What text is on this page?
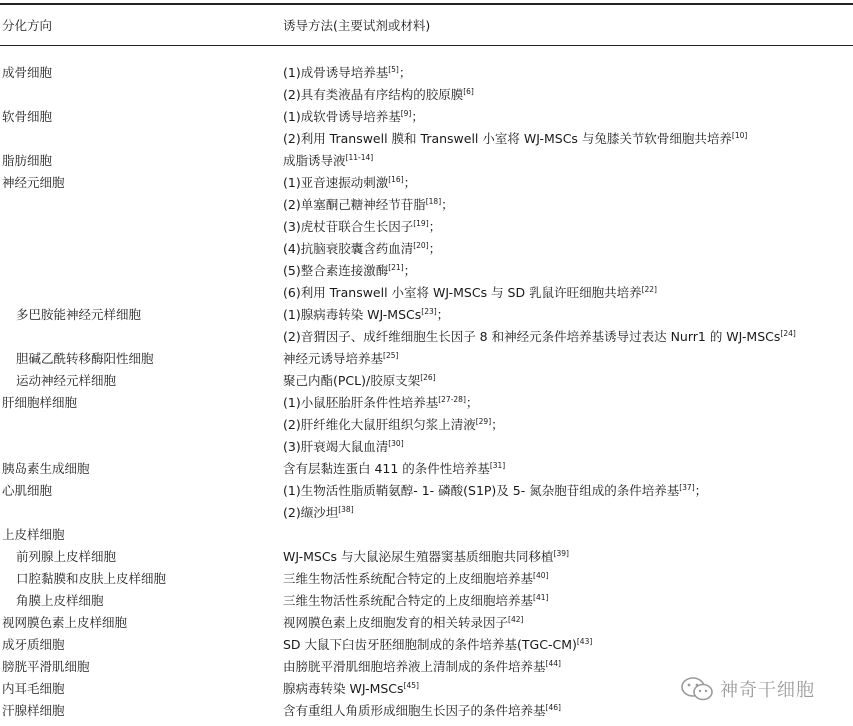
分化方向	诱导方法(主要试剂或材料)
成骨细胞	(1)成骨诱导培养基[5]；
(2)具有类液晶有序结构的胶原膜[6]
软骨细胞	(1)成软骨诱导培养基[9]；
(2)利用 Transwell 膜和 Transwell 小室将 WJ-MSCs 与兔膝关节软骨细胞共培养[10]
脂肪细胞	成脂诱导液[11-14]
神经元细胞	(1)亚音速振动刺激[16]；
(2)单塞酮己糖神经节苷脂[18]；
(3)虎杖苷联合生长因子[19]；
(4)抗脑衰胶囊含药血清[20]；
(5)整合素连接激酶[21]；
(6)利用 Transwell 小室将 WJ-MSCs 与 SD 乳鼠许旺细胞共培养[22]
多巴胺能神经元样细胞	(1)腺病毒转染 WJ-MSCs[23]；
(2)音猬因子、成纤维细胞生长因子 8 和神经元条件培养基诱导过表达 Nurr1 的 WJ-MSCs[24]
胆碱乙酰转移酶阳性细胞	神经元诱导培养基[25]
运动神经元样细胞	聚己内酯(PCL)/胶原支架[26]
肝细胞样细胞	(1)小鼠胚胎肝条件性培养基[27-28]；
(2)肝纤维化大鼠肝组织匀浆上清液[29]；
(3)肝衰竭大鼠血清[30]
胰岛素生成细胞	含有层黏连蛋白 411 的条件性培养基[31]
心肌细胞	(1)生物活性脂质鞘氨醇- 1- 磷酸(S1P)及 5- 氮杂胞苷组成的条件培养基[37]；
(2)缬沙坦[38]
上皮样细胞
前列腺上皮样细胞	WJ-MSCs 与大鼠泌尿生殖器窦基质细胞共同移植[39]
口腔黏膜和皮肤上皮样细胞	三维生物活性系统配合特定的上皮细胞培养基[40]
角膜上皮样细胞	三维生物活性系统配合特定的上皮细胞培养基[41]
视网膜色素上皮样细胞	视网膜色素上皮细胞发育的相关转录因子[42]
成牙质细胞	SD 大鼠下臼齿牙胚细胞制成的条件培养基(TGC-CM)[43]
膀胱平滑肌细胞	由膀胱平滑肌细胞培养液上清制成的条件培养基[44]
内耳毛细胞	腺病毒转染 WJ-MSCs[45]
汗腺样细胞	含有重组人角质形成细胞生长因子的条件培养基[46]
神奇干细胞
